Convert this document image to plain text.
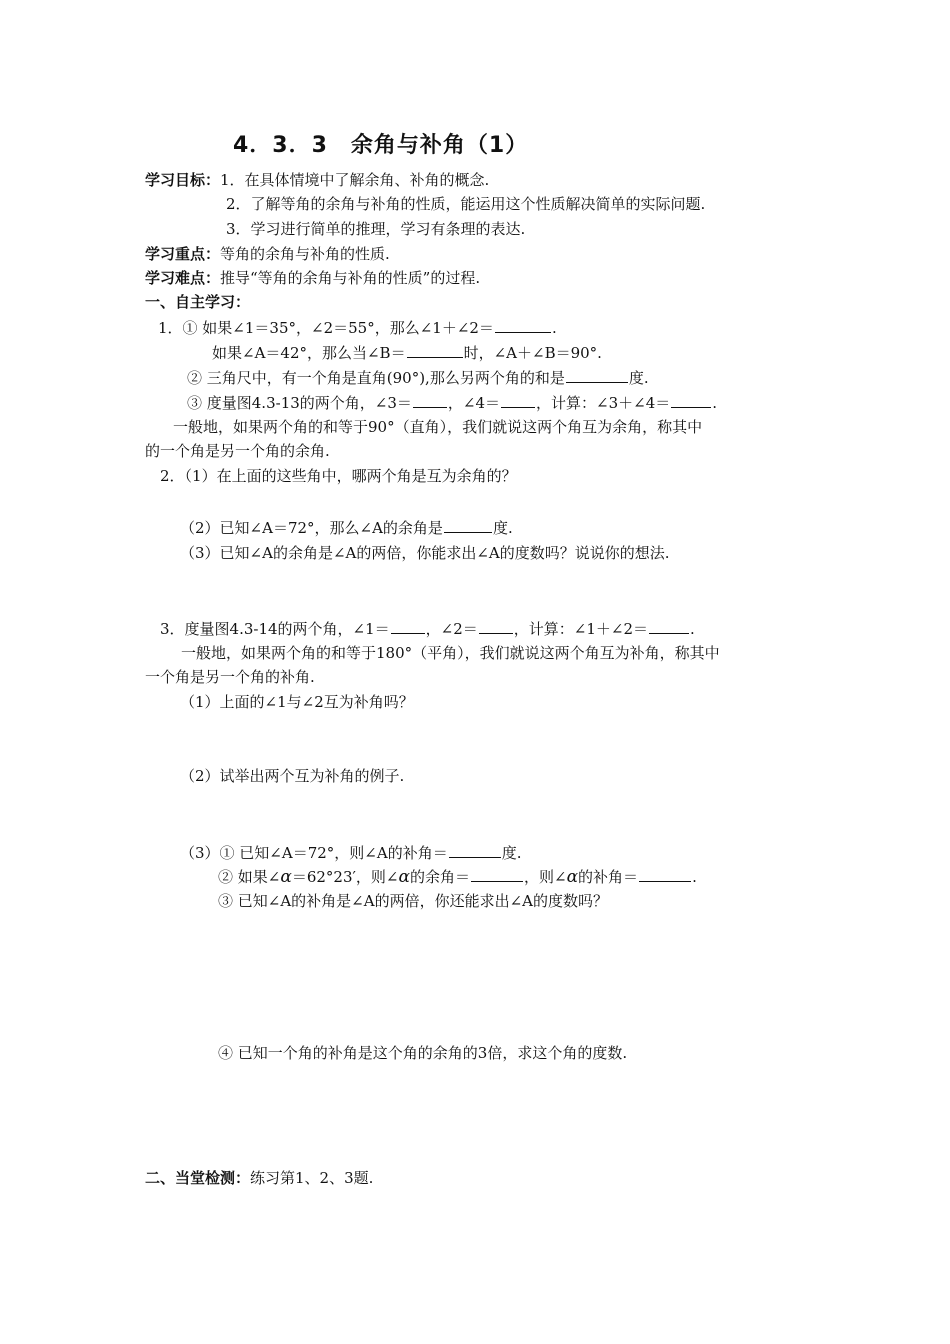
4．3．3　余角与补角（1）
学习目标：1．在具体情境中了解余角、补角的概念.
2．了解等角的余角与补角的性质，能运用这个性质解决简单的实际问题.
3．学习进行简单的推理，学习有条理的表达.
学习重点：等角的余角与补角的性质.
学习难点：推导“等角的余角与补角的性质”的过程.
一、自主学习：
1．① 如果∠1＝35°，∠2＝55°，那么∠1＋∠2＝	.
如果∠A＝42°，那么当∠B＝	时，∠A＋∠B＝90°.
② 三角尺中，有一个角是直角(90°),那么另两个角的和是	度.
③ 度量图4.3-13的两个角，∠3＝ ，∠4＝ ，计算：∠3＋∠4＝	.
一般地，如果两个角的和等于90°（直角），我们就说这两个角互为余角，称其中
的一个角是另一个角的余角.
2．（1）在上面的这些角中，哪两个角是互为余角的？
（2）已知∠A＝72°，那么∠A的余角是	度.
（3）已知∠A的余角是∠A的两倍，你能求出∠A的度数吗？说说你的想法.
3．度量图4.3-14的两个角，∠1＝ ，∠2＝ ，计算：∠1＋∠2＝	.
一般地，如果两个角的和等于180°（平角），我们就说这两个角互为补角，称其中
一个角是另一个角的补角.
（1）上面的∠1与∠2互为补角吗？
（2）试举出两个互为补角的例子.
（3）① 已知∠A＝72°，则∠A的补角＝	度.
② 如果∠α＝62°23′，则∠α的余角＝	，则∠α的补角＝	.
③ 已知∠A的补角是∠A的两倍，你还能求出∠A的度数吗？
④ 已知一个角的补角是这个角的余角的3倍，求这个角的度数.
二、当堂检测：练习第1、2、3题.
